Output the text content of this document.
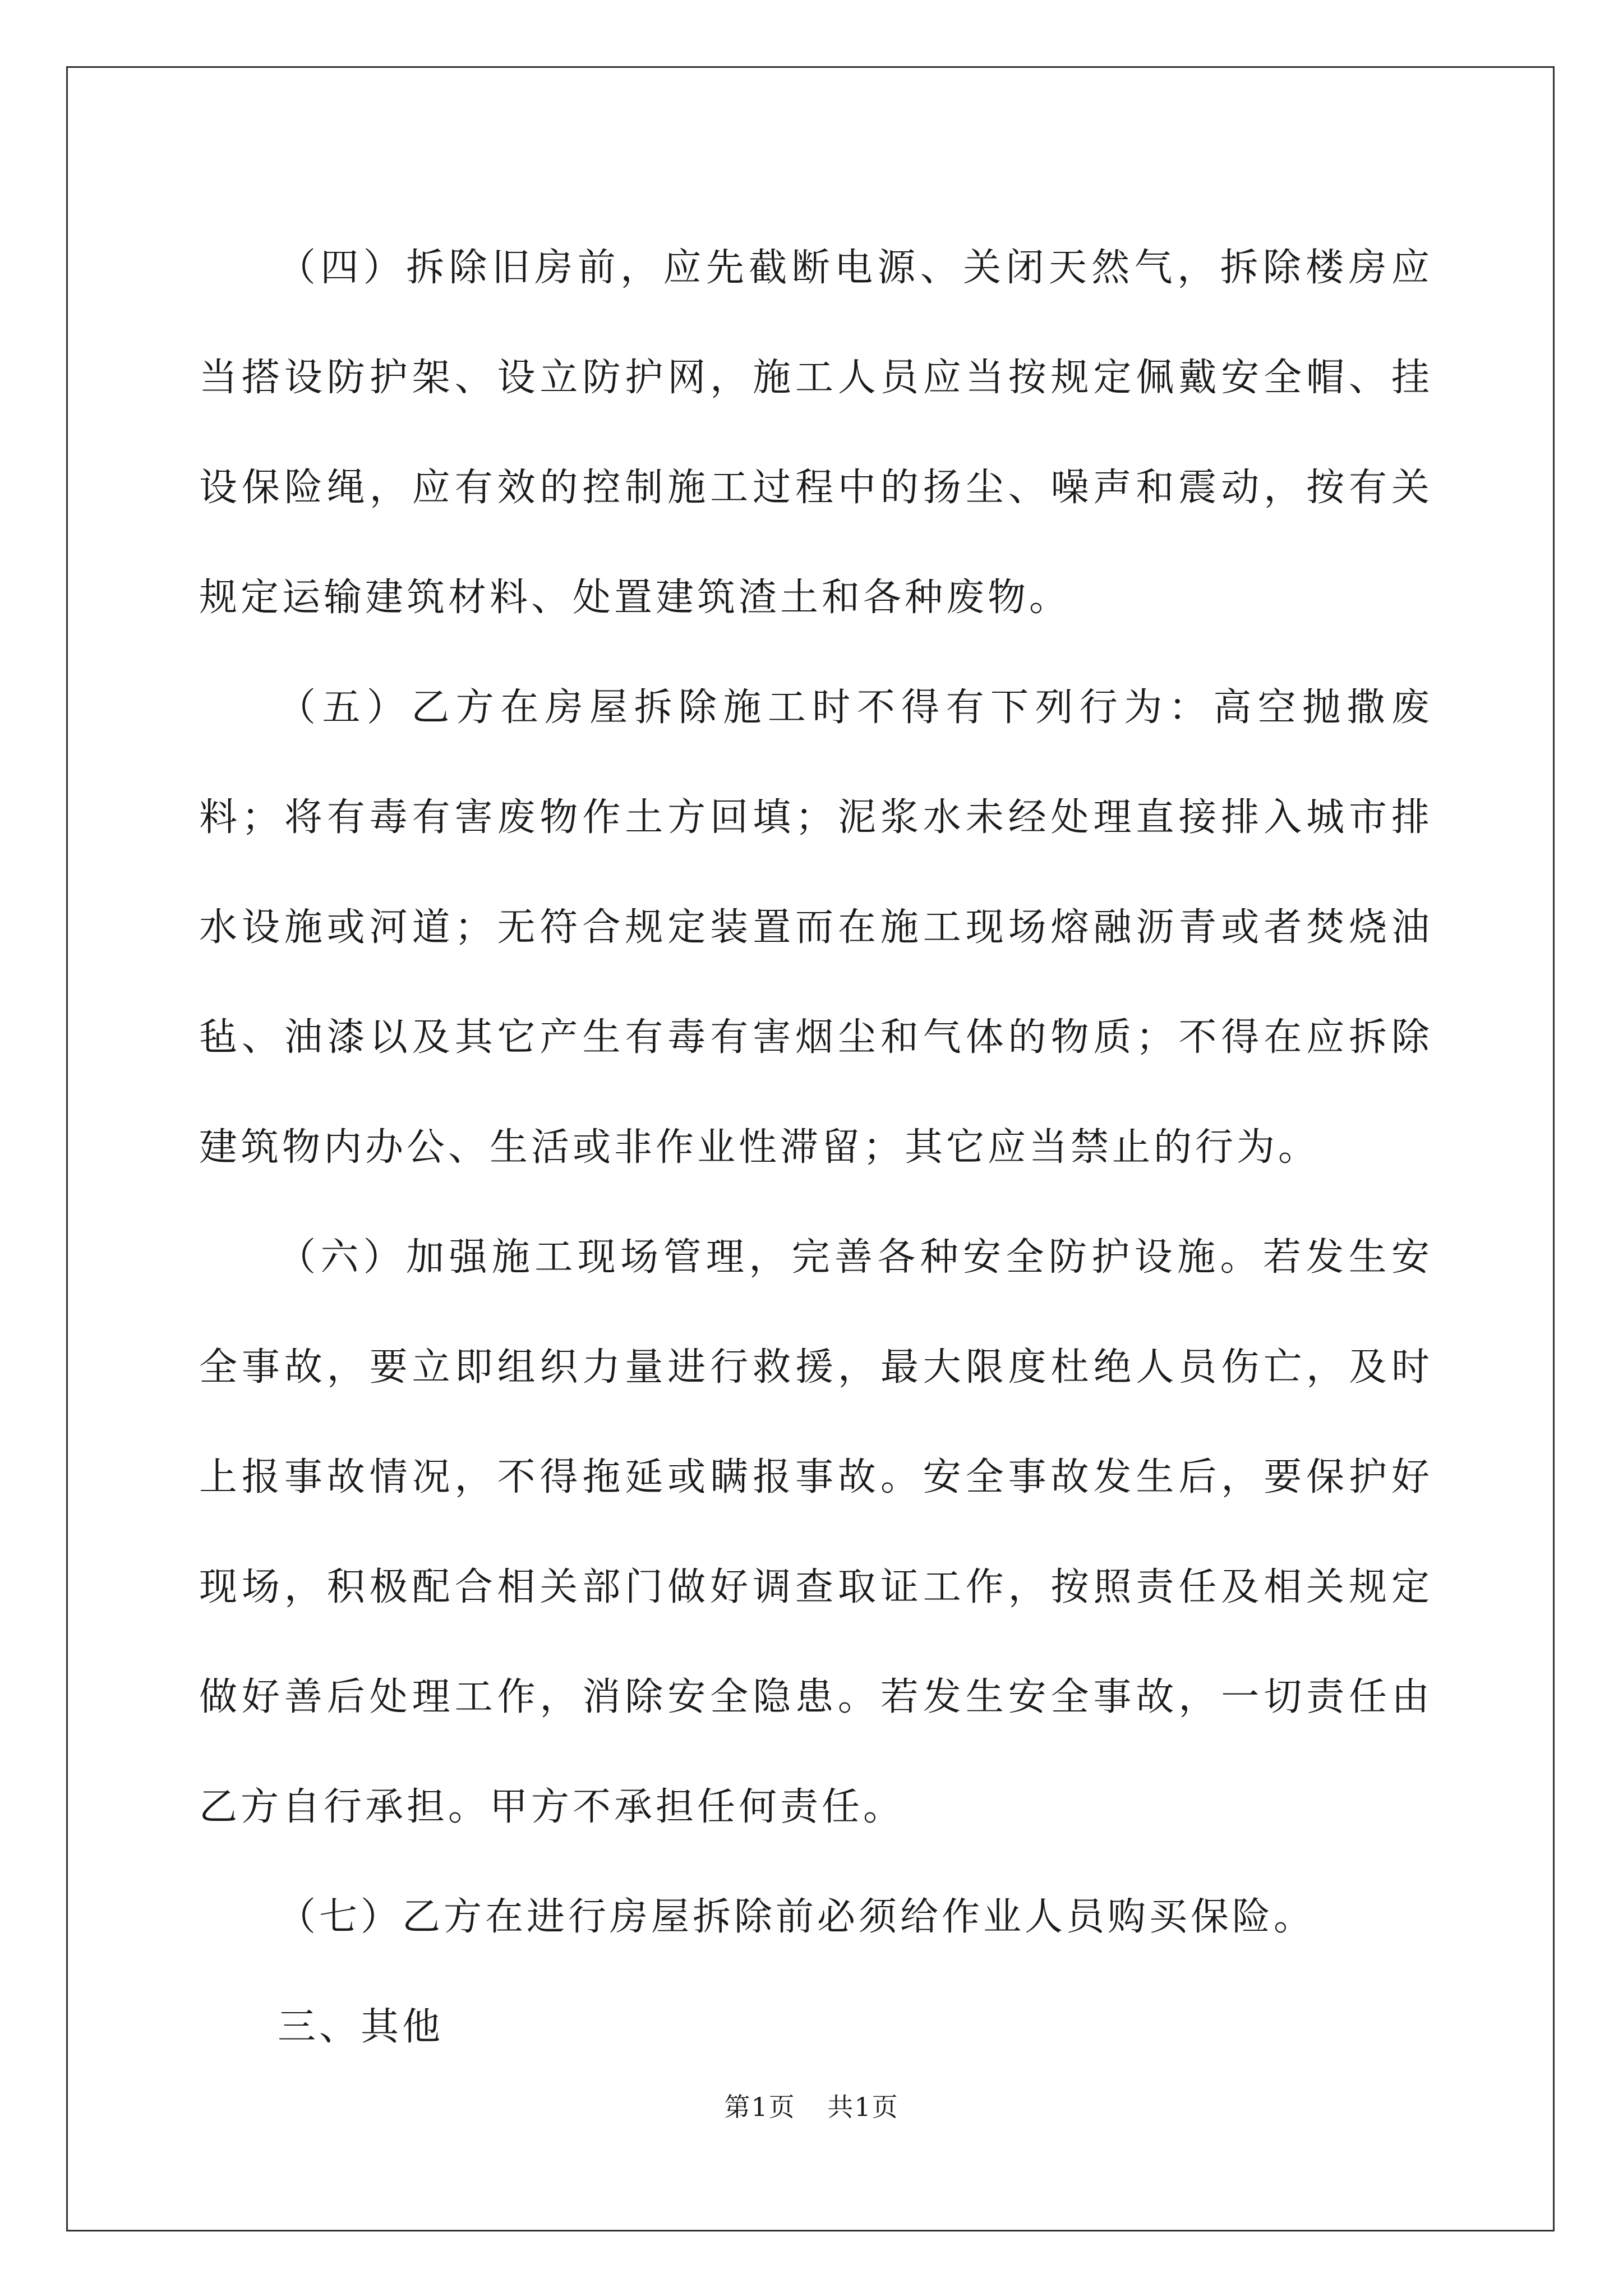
（四）拆除旧房前，应先截断电源、关闭天然气，拆除楼房应当搭设防护架、设立防护网，施工人员应当按规定佩戴安全帽、挂设保险绳，应有效的控制施工过程中的扬尘、噪声和震动，按有关规定运输建筑材料、处置建筑渣土和各种废物。

（五）乙方在房屋拆除施工时不得有下列行为：高空抛撒废料；将有毒有害废物作土方回填；泥浆水未经处理直接排入城市排水设施或河道；无符合规定装置而在施工现场熔融沥青或者焚烧油毡、油漆以及其它产生有毒有害烟尘和气体的物质；不得在应拆除建筑物内办公、生活或非作业性滞留；其它应当禁止的行为。

（六）加强施工现场管理，完善各种安全防护设施。若发生安全事故，要立即组织力量进行救援，最大限度杜绝人员伤亡，及时上报事故情况，不得拖延或瞒报事故。安全事故发生后，要保护好现场，积极配合相关部门做好调查取证工作，按照责任及相关规定做好善后处理工作，消除安全隐患。若发生安全事故，一切责任由乙方自行承担。甲方不承担任何责任。

（七）乙方在进行房屋拆除前必须给作业人员购买保险。

三、其他

第1页 共1页
